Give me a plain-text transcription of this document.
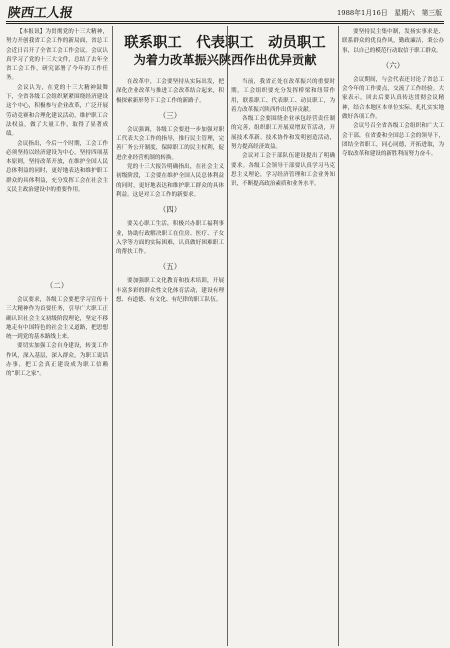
陕西工人报	1988年1月16日　星期六　第三版
联系职工　代表职工　动员职工
为着力改革振兴陕西作出优异贡献

【本报讯】为贯彻党的十三大精神，努力开创我省工会工作的新局面，省总工会近日召开了全省工会工作会议。会议认真学习了党的十三大文件，总结了去年全省工会工作，研究部署了今年的工作任务。

会议认为，在党的十三大精神鼓舞下，全省各级工会组织紧紧围绕经济建设这个中心，积极参与企业改革，广泛开展劳动竞赛和合理化建议活动，维护职工合法权益，做了大量工作，取得了显著成绩。

会议指出，今后一个时期，工会工作必须坚持以经济建设为中心，坚持四项基本原则，坚持改革开放，在维护全国人民总体利益的同时，更好地表达和维护职工群众的具体利益，充分发挥工会在社会主义民主政治建设中的重要作用。

（二）

会议要求，各级工会要把学习宣传十三大精神作为首要任务，引导广大职工正确认识社会主义初级阶段理论，坚定不移地走有中国特色的社会主义道路，把思想统一到党的基本路线上来。

要切实加强工会自身建设，转变工作作风，深入基层，深入群众，为职工说话办事，把工会真正建设成为职工信赖的“职工之家”。

在改革中，工会要坚持从实际出发，把深化企业改革与推进工会改革结合起来，积极探索新形势下工会工作的新路子。

（三）

会议强调，各级工会要进一步加强对职工代表大会工作的指导，推行民主管理，完善厂务公开制度，保障职工的民主权利，促进企业经营机制的转换。

党的十三大报告明确指出，在社会主义初级阶段，工会要在维护全国人民总体利益的同时，更好地表达和维护职工群众的具体利益。这是对工会工作的新要求。

（四）

要关心职工生活，积极兴办职工福利事业，协助行政解决职工在住房、医疗、子女入学等方面的实际困难，认真做好困难职工的帮扶工作。

（五）

要加强职工文化教育和技术培训，开展丰富多彩的群众性文化体育活动，建设有理想、有道德、有文化、有纪律的职工队伍。

当前，我省正处在改革振兴的重要时期，工会组织要充分发挥桥梁和纽带作用，联系职工、代表职工、动员职工，为着力改革振兴陕西作出优异贡献。

各级工会要围绕企业承包经营责任制的完善，组织职工开展双增双节活动，开展技术革新、技术协作和发明创造活动，努力提高经济效益。

会议对工会干部队伍建设提出了明确要求。各级工会领导干部要认真学习马克思主义理论，学习经济管理和工会业务知识，不断提高政治素质和业务水平。

要坚持民主集中制，发扬实事求是、联系群众的优良作风，勤政廉洁，秉公办事，以自己的模范行动取信于职工群众。

（六）

会议期间，与会代表还讨论了省总工会今年的工作要点，交流了工作经验。大家表示，回去后要认真传达贯彻会议精神，结合本地区本单位实际，扎扎实实地做好各项工作。

会议号召全省各级工会组织和广大工会干部，在省委和全国总工会的领导下，团结全省职工，同心同德，开拓进取，为夺取改革和建设的新胜利而努力奋斗。
